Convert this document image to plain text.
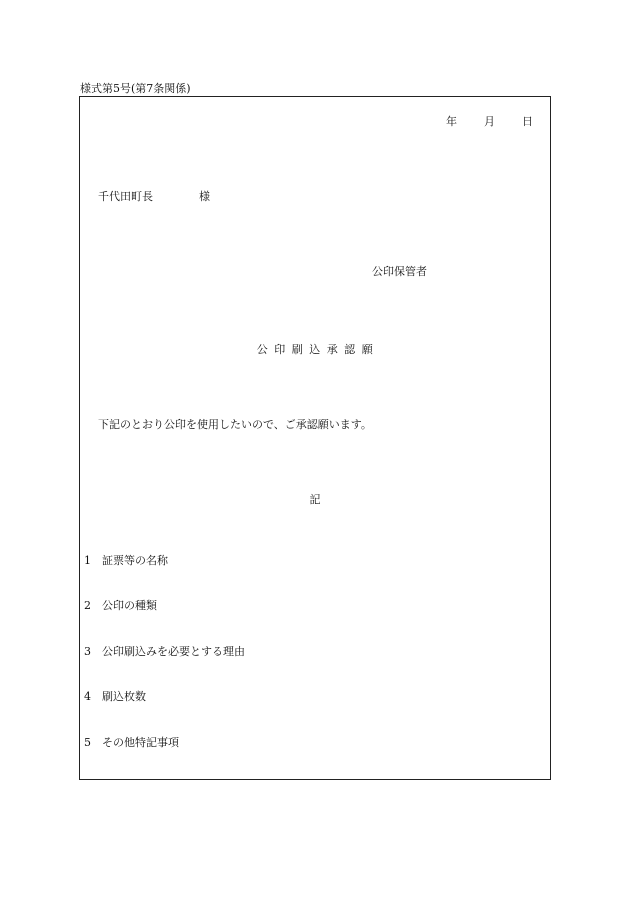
様式第5号(第7条関係)
年 月 日
千代田町長	様
公印保管者
公印刷込承認願
下記のとおり公印を使用したいので、ご承認願います。
記
1 証票等の名称
2 公印の種類
3 公印刷込みを必要とする理由
4 刷込枚数
5 その他特記事項
